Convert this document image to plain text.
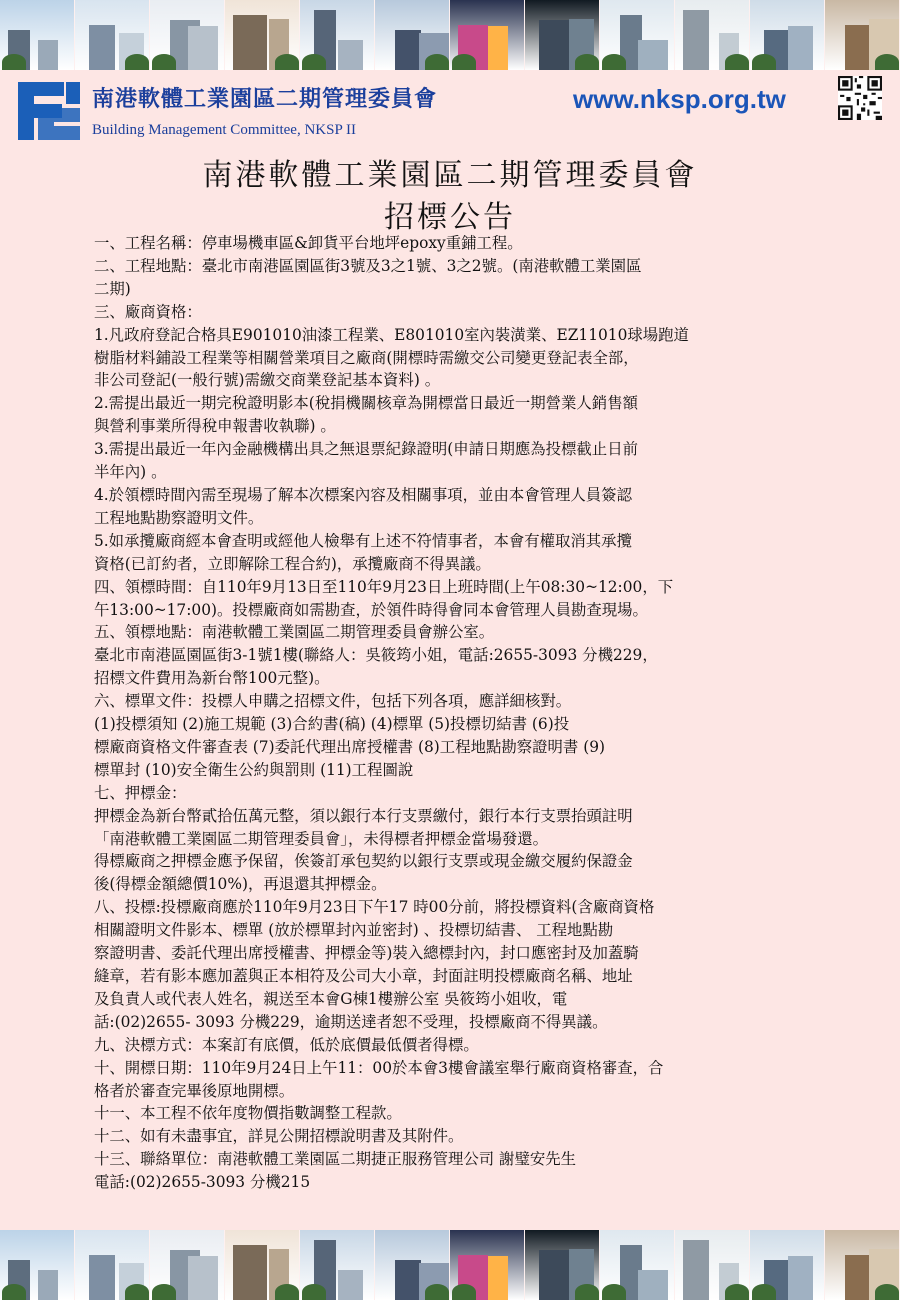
南港軟體工業園區二期管理委員會
Building Management Committee, NKSP II
www.nksp.org.tw
南港軟體工業園區二期管理委員會
招標公告

一、工程名稱：停車場機車區&卸貨平台地坪epoxy重鋪工程。

二、工程地點：臺北市南港區園區街3號及3之1號、3之2號。(南港軟體工業園區

二期)

三、廠商資格：

1.凡政府登記合格具E901010油漆工程業、E801010室內裝潢業、EZ11010球場跑道

樹脂材料鋪設工程業等相關營業項目之廠商(開標時需繳交公司變更登記表全部，

非公司登記(一般行號)需繳交商業登記基本資料) 。

2.需提出最近一期完稅證明影本(稅捐機關核章為開標當日最近一期營業人銷售額

與營利事業所得稅申報書收執聯) 。

3.需提出最近一年內金融機構出具之無退票紀錄證明(申請日期應為投標截止日前

半年內) 。

4.於領標時間內需至現場了解本次標案內容及相關事項，並由本會管理人員簽認

工程地點勘察證明文件。

5.如承攬廠商經本會查明或經他人檢舉有上述不符情事者，本會有權取消其承攬

資格(已訂約者，立即解除工程合約)，承攬廠商不得異議。

四、領標時間：自110年9月13日至110年9月23日上班時間(上午08:30~12:00，下

午13:00~17:00)。投標廠商如需勘查，於領件時得會同本會管理人員勘查現場。

五、領標地點：南港軟體工業園區二期管理委員會辦公室。

臺北市南港區園區街3-1號1樓(聯絡人：吳筱筠小姐，電話:2655-3093 分機229，

招標文件費用為新台幣100元整)。

六、標單文件：投標人申購之招標文件，包括下列各項，應詳細核對。

(1)投標須知 (2)施工規範 (3)合約書(稿) (4)標單 (5)投標切結書 (6)投

標廠商資格文件審查表 (7)委託代理出席授權書 (8)工程地點勘察證明書 (9)

標單封 (10)安全衛生公約與罰則 (11)工程圖說

七、押標金：

押標金為新台幣貳拾伍萬元整，須以銀行本行支票繳付，銀行本行支票抬頭註明

「南港軟體工業園區二期管理委員會」，未得標者押標金當場發還。

得標廠商之押標金應予保留，俟簽訂承包契約以銀行支票或現金繳交履約保證金

後(得標金額總價10%)，再退還其押標金。

八、投標:投標廠商應於110年9月23日下午17 時00分前，將投標資料(含廠商資格

相關證明文件影本、標單 (放於標單封內並密封) 、投標切結書、 工程地點勘

察證明書、委託代理出席授權書、押標金等)裝入總標封內，封口應密封及加蓋騎

縫章，若有影本應加蓋與正本相符及公司大小章，封面註明投標廠商名稱、地址

及負責人或代表人姓名，親送至本會G棟1樓辦公室 吳筱筠小姐收，電

話:(02)2655- 3093 分機229，逾期送達者恕不受理，投標廠商不得異議。

九、決標方式：本案訂有底價，低於底價最低價者得標。

十、開標日期：110年9月24日上午11：00於本會3樓會議室舉行廠商資格審查，合

格者於審查完畢後原地開標。

十一、本工程不依年度物價指數調整工程款。

十二、如有未盡事宜，詳見公開招標說明書及其附件。

十三、聯絡單位：南港軟體工業園區二期捷正服務管理公司 謝璧安先生

電話:(02)2655-3093 分機215
